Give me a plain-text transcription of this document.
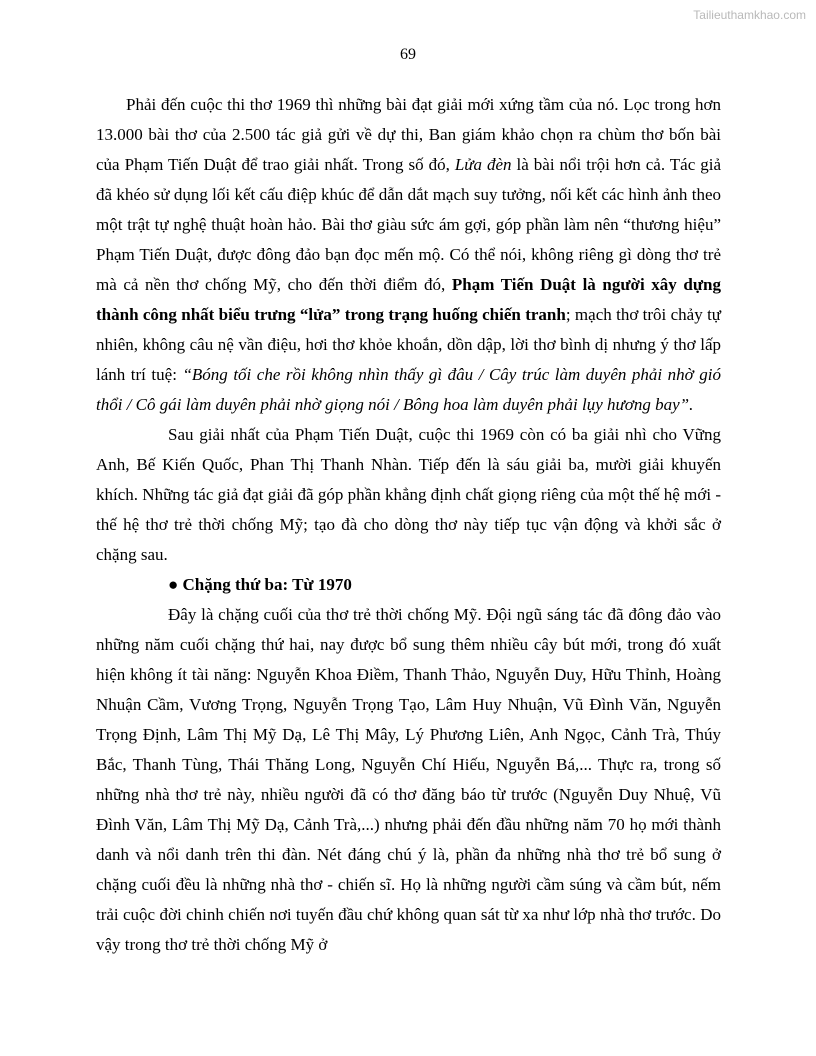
Tailieuthamkhao.com
69

Phải đến cuộc thi thơ 1969 thì những bài đạt giải mới xứng tầm của nó. Lọc trong hơn 13.000 bài thơ của 2.500 tác giả gửi về dự thi, Ban giám khảo chọn ra chùm thơ bốn bài của Phạm Tiến Duật để trao giải nhất. Trong số đó, Lửa đèn là bài nổi trội hơn cả. Tác giả đã khéo sử dụng lối kết cấu điệp khúc để dẫn dắt mạch suy tưởng, nối kết các hình ảnh theo một trật tự nghệ thuật hoàn hảo. Bài thơ giàu sức ám gợi, góp phần làm nên “thương hiệu” Phạm Tiến Duật, được đông đảo bạn đọc mến mộ. Có thể nói, không riêng gì dòng thơ trẻ mà cả nền thơ chống Mỹ, cho đến thời điểm đó, Phạm Tiến Duật là người xây dựng thành công nhất biểu trưng “lửa” trong trạng huống chiến tranh; mạch thơ trôi chảy tự nhiên, không câu nệ vần điệu, hơi thơ khỏe khoắn, dồn dập, lời thơ bình dị nhưng ý thơ lấp lánh trí tuệ: “Bóng tối che rồi không nhìn thấy gì đâu / Cây trúc làm duyên phải nhờ gió thổi / Cô gái làm duyên phải nhờ giọng nói / Bông hoa làm duyên phải lụy hương bay”.

Sau giải nhất của Phạm Tiến Duật, cuộc thi 1969 còn có ba giải nhì cho Vững Anh, Bế Kiến Quốc, Phan Thị Thanh Nhàn. Tiếp đến là sáu giải ba, mười giải khuyến khích. Những tác giả đạt giải đã góp phần khẳng định chất giọng riêng của một thế hệ mới - thế hệ thơ trẻ thời chống Mỹ; tạo đà cho dòng thơ này tiếp tục vận động và khởi sắc ở chặng sau.

● Chặng thứ ba: Từ 1970

Đây là chặng cuối của thơ trẻ thời chống Mỹ. Đội ngũ sáng tác đã đông đảo vào những năm cuối chặng thứ hai, nay được bổ sung thêm nhiều cây bút mới, trong đó xuất hiện không ít tài năng: Nguyễn Khoa Điềm, Thanh Thảo, Nguyễn Duy, Hữu Thỉnh, Hoàng Nhuận Cầm, Vương Trọng, Nguyễn Trọng Tạo, Lâm Huy Nhuận, Vũ Đình Văn, Nguyễn Trọng Định, Lâm Thị Mỹ Dạ, Lê Thị Mây, Lý Phương Liên, Anh Ngọc, Cảnh Trà, Thúy Bắc, Thanh Tùng, Thái Thăng Long, Nguyễn Chí Hiếu, Nguyễn Bá,... Thực ra, trong số những nhà thơ trẻ này, nhiều người đã có thơ đăng báo từ trước (Nguyễn Duy Nhuệ, Vũ Đình Văn, Lâm Thị Mỹ Dạ, Cảnh Trà,...) nhưng phải đến đầu những năm 70 họ mới thành danh và nổi danh trên thi đàn. Nét đáng chú ý là, phần đa những nhà thơ trẻ bổ sung ở chặng cuối đều là những nhà thơ - chiến sĩ. Họ là những người cầm súng và cầm bút, nếm trải cuộc đời chinh chiến nơi tuyến đầu chứ không quan sát từ xa như lớp nhà thơ trước. Do vậy trong thơ trẻ thời chống Mỹ ở
